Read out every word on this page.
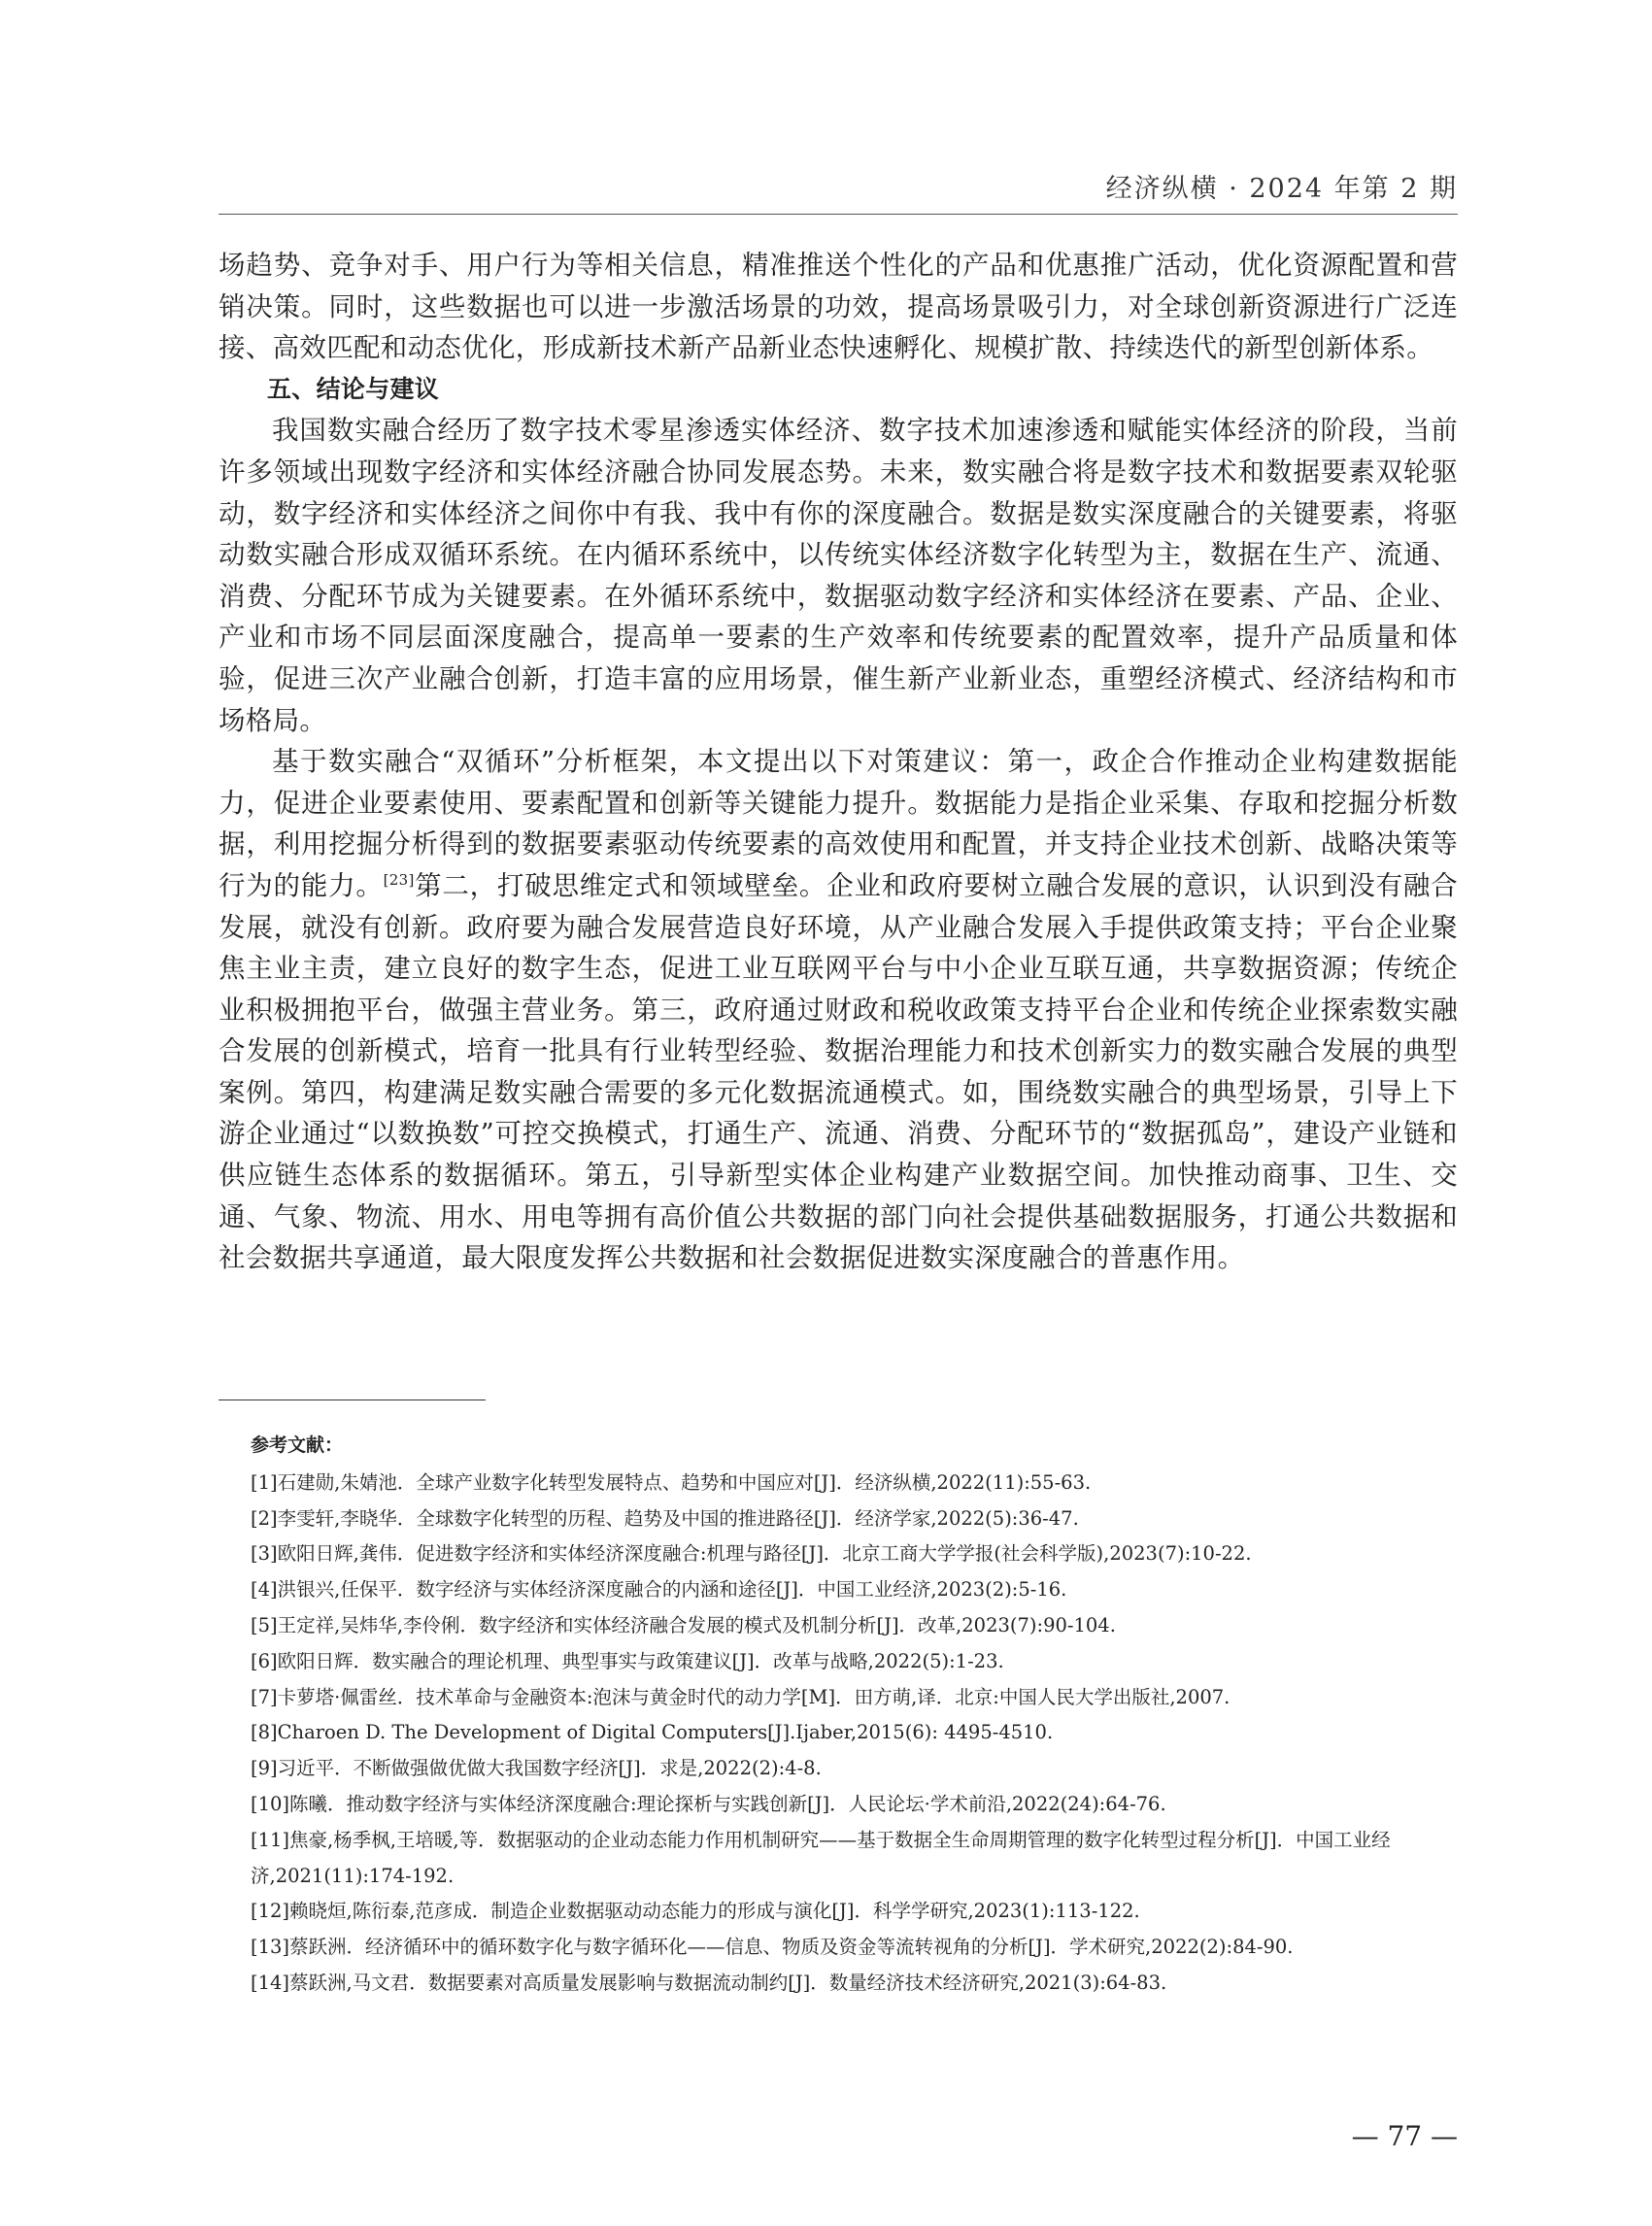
经济纵横 · 2024 年第 2 期

场趋势、竞争对手、用户行为等相关信息，精准推送个性化的产品和优惠推广活动，优化资源配置和营销决策。同时，这些数据也可以进一步激活场景的功效，提高场景吸引力，对全球创新资源进行广泛连接、高效匹配和动态优化，形成新技术新产品新业态快速孵化、规模扩散、持续迭代的新型创新体系。

五、结论与建议

我国数实融合经历了数字技术零星渗透实体经济、数字技术加速渗透和赋能实体经济的阶段，当前许多领域出现数字经济和实体经济融合协同发展态势。未来，数实融合将是数字技术和数据要素双轮驱动，数字经济和实体经济之间你中有我、我中有你的深度融合。数据是数实深度融合的关键要素，将驱动数实融合形成双循环系统。在内循环系统中，以传统实体经济数字化转型为主，数据在生产、流通、消费、分配环节成为关键要素。在外循环系统中，数据驱动数字经济和实体经济在要素、产品、企业、产业和市场不同层面深度融合，提高单一要素的生产效率和传统要素的配置效率，提升产品质量和体验，促进三次产业融合创新，打造丰富的应用场景，催生新产业新业态，重塑经济模式、经济结构和市场格局。

基于数实融合“双循环”分析框架，本文提出以下对策建议：第一，政企合作推动企业构建数据能力，促进企业要素使用、要素配置和创新等关键能力提升。数据能力是指企业采集、存取和挖掘分析数据，利用挖掘分析得到的数据要素驱动传统要素的高效使用和配置，并支持企业技术创新、战略决策等行为的能力。[23]第二，打破思维定式和领域壁垒。企业和政府要树立融合发展的意识，认识到没有融合发展，就没有创新。政府要为融合发展营造良好环境，从产业融合发展入手提供政策支持；平台企业聚焦主业主责，建立良好的数字生态，促进工业互联网平台与中小企业互联互通，共享数据资源；传统企业积极拥抱平台，做强主营业务。第三，政府通过财政和税收政策支持平台企业和传统企业探索数实融合发展的创新模式，培育一批具有行业转型经验、数据治理能力和技术创新实力的数实融合发展的典型案例。第四，构建满足数实融合需要的多元化数据流通模式。如，围绕数实融合的典型场景，引导上下游企业通过“以数换数”可控交换模式，打通生产、流通、消费、分配环节的“数据孤岛”，建设产业链和供应链生态体系的数据循环。第五，引导新型实体企业构建产业数据空间。加快推动商事、卫生、交通、气象、物流、用水、用电等拥有高价值公共数据的部门向社会提供基础数据服务，打通公共数据和社会数据共享通道，最大限度发挥公共数据和社会数据促进数实深度融合的普惠作用。

参考文献：

[1]石建勋,朱婧池．全球产业数字化转型发展特点、趋势和中国应对[J]．经济纵横,2022(11):55-63.

[2]李雯轩,李晓华．全球数字化转型的历程、趋势及中国的推进路径[J]．经济学家,2022(5):36-47.

[3]欧阳日辉,龚伟．促进数字经济和实体经济深度融合:机理与路径[J]．北京工商大学学报(社会科学版),2023(7):10-22.

[4]洪银兴,任保平．数字经济与实体经济深度融合的内涵和途径[J]．中国工业经济,2023(2):5-16.

[5]王定祥,吴炜华,李伶俐．数字经济和实体经济融合发展的模式及机制分析[J]．改革,2023(7):90-104.

[6]欧阳日辉．数实融合的理论机理、典型事实与政策建议[J]．改革与战略,2022(5):1-23.

[7]卡萝塔·佩雷丝．技术革命与金融资本:泡沫与黄金时代的动力学[M]．田方萌,译．北京:中国人民大学出版社,2007.

[8]Charoen D. The Development of Digital Computers[J].Ijaber,2015(6): 4495-4510.

[9]习近平．不断做强做优做大我国数字经济[J]．求是,2022(2):4-8.

[10]陈曦．推动数字经济与实体经济深度融合:理论探析与实践创新[J]．人民论坛·学术前沿,2022(24):64-76.

[11]焦豪,杨季枫,王培暖,等．数据驱动的企业动态能力作用机制研究——基于数据全生命周期管理的数字化转型过程分析[J]．中国工业经济,2021(11):174-192.

[12]赖晓烜,陈衍泰,范彦成．制造企业数据驱动动态能力的形成与演化[J]．科学学研究,2023(1):113-122.

[13]蔡跃洲．经济循环中的循环数字化与数字循环化——信息、物质及资金等流转视角的分析[J]．学术研究,2022(2):84-90.

[14]蔡跃洲,马文君．数据要素对高质量发展影响与数据流动制约[J]．数量经济技术经济研究,2021(3):64-83.

— 77 —
